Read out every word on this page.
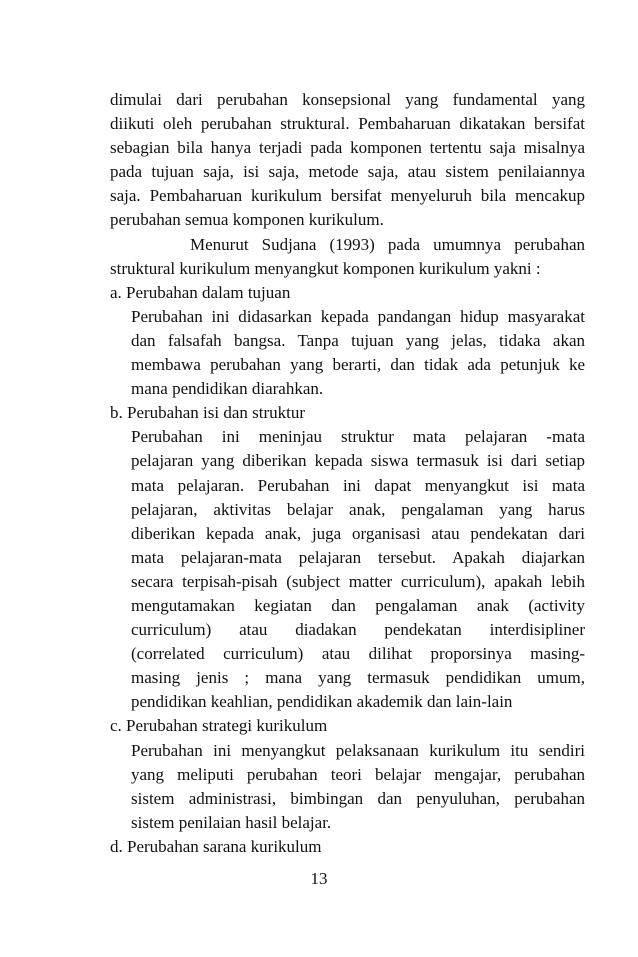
dimulai dari perubahan konsepsional yang fundamental yang
diikuti oleh perubahan struktural. Pembaharuan dikatakan bersifat
sebagian bila hanya terjadi pada komponen tertentu saja misalnya
pada tujuan saja, isi saja, metode saja, atau sistem penilaiannya
saja. Pembaharuan kurikulum bersifat menyeluruh bila mencakup
perubahan semua komponen kurikulum.
Menurut Sudjana (1993) pada umumnya perubahan
struktural kurikulum menyangkut komponen kurikulum yakni :
a. Perubahan dalam tujuan
Perubahan ini didasarkan kepada pandangan hidup masyarakat
dan falsafah bangsa. Tanpa tujuan yang jelas, tidaka akan
membawa perubahan yang berarti, dan tidak ada petunjuk ke
mana pendidikan diarahkan.
b. Perubahan isi dan struktur
Perubahan ini meninjau struktur mata pelajaran -mata
pelajaran yang diberikan kepada siswa termasuk isi dari setiap
mata pelajaran. Perubahan ini dapat menyangkut isi mata
pelajaran, aktivitas belajar anak, pengalaman yang harus
diberikan kepada anak, juga organisasi atau pendekatan dari
mata pelajaran-mata pelajaran tersebut. Apakah diajarkan
secara terpisah-pisah (subject matter curriculum), apakah lebih
mengutamakan kegiatan dan pengalaman anak (activity
curriculum) atau diadakan pendekatan interdisipliner
(correlated curriculum) atau dilihat proporsinya masing-
masing jenis ; mana yang termasuk pendidikan umum,
pendidikan keahlian, pendidikan akademik dan lain-lain
c. Perubahan strategi kurikulum
Perubahan ini menyangkut pelaksanaan kurikulum itu sendiri
yang meliputi perubahan teori belajar mengajar, perubahan
sistem administrasi, bimbingan dan penyuluhan, perubahan
sistem penilaian hasil belajar.
d. Perubahan sarana kurikulum
13
